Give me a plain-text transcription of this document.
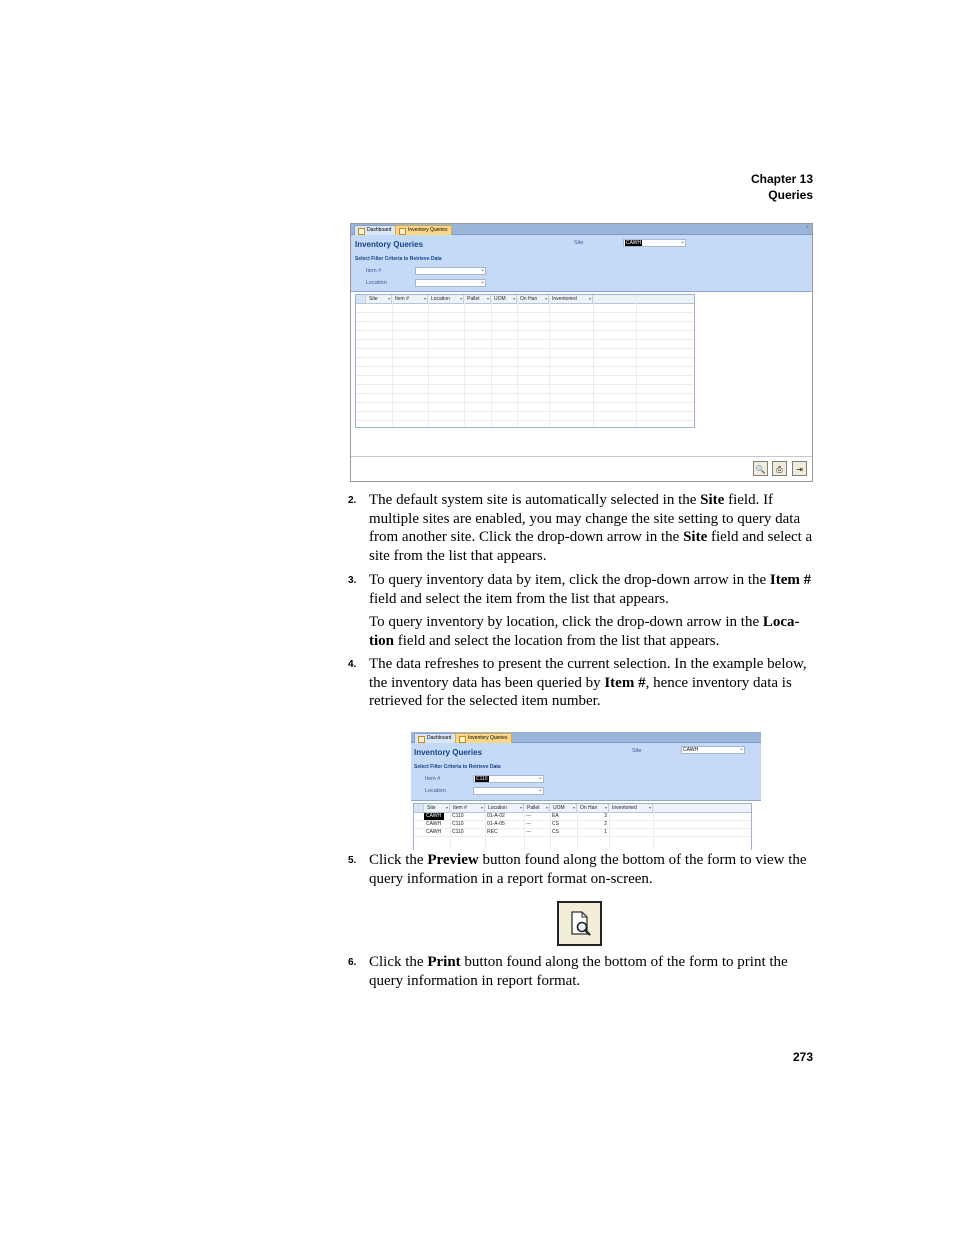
Chapter 13
Queries
Dashboard	Inventory Queries	×
Inventory Queries
Select Filter Criteria to Retrieve Data
Site	CAWH	⌄
Item #	⌄
Location	⌄
Site	▾	Item #	▾	Location	▾	Pallet ▾	UOM ▾	On Han ▾	Inventoried	▾
🔍	⎙	⇥
2. The default system site is automatically selected in the Site field. If multiple sites are enabled, you may change the site setting to query data from another site. Click the drop-down arrow in the Site field and select a site from the list that appears.

3. To query inventory data by item, click the drop-down arrow in the Item # field and select the item from the list that appears.

To query inventory by location, click the drop-down arrow in the Loca-tion field and select the location from the list that appears.

4. The data refreshes to present the current selection. In the example below, the inventory data has been queried by Item #, hence inventory data is retrieved for the selected item number.

Dashboard	Inventory Queries
Inventory Queries
Select Filter Criteria to Retrieve Data
Site	CAWH	⌄
Item #	C110	⌄
Location	⌄
Site	▾	Item #	▾	Location	▾	Pallet ▾	UOM ▾	On Han ▾	Inventoried	▾
CAWH	C110	01-A-02	---	EA	3
CAWH	C110	01-A-05	---	CS	2
CAWH	C110	REC	---	CS	1
5. Click the Preview button found along the bottom of the form to view the query information in a report format on-screen.

6. Click the Print button found along the bottom of the form to print the query information in report format.

273
